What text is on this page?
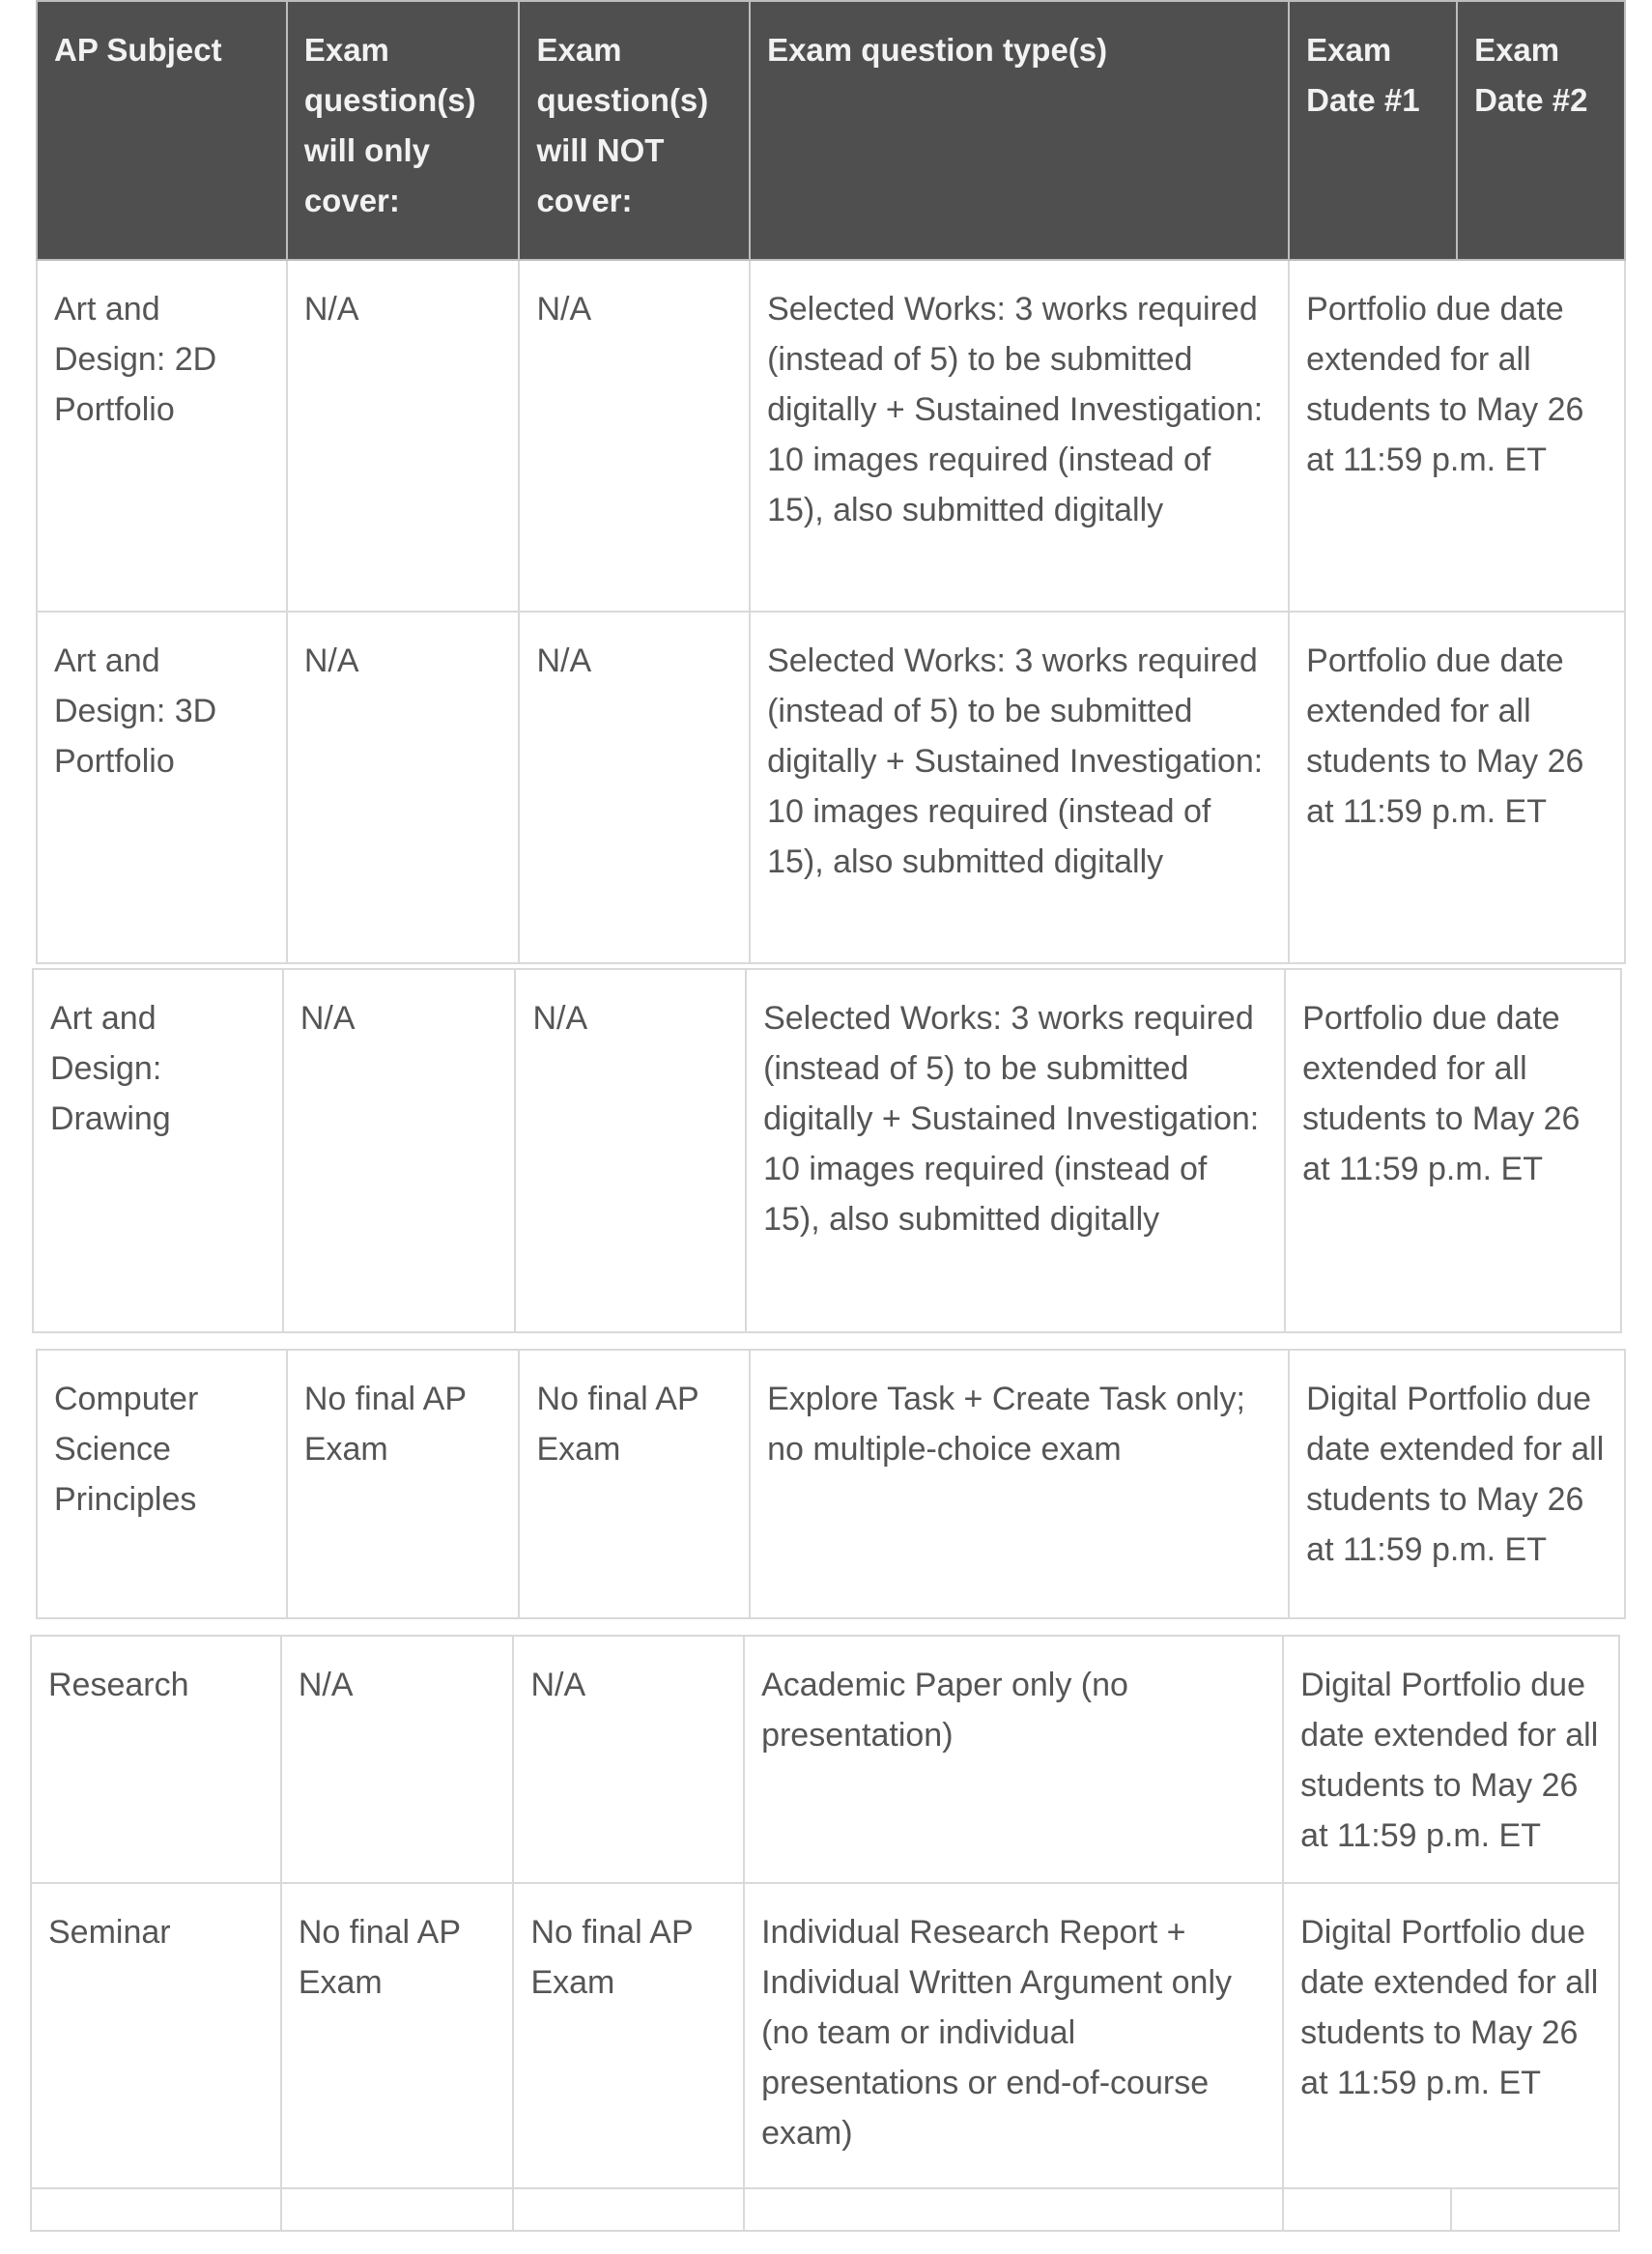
AP Subject	Exam question(s) will only cover:	Exam question(s) will NOT cover:	Exam question type(s)	Exam Date #1	Exam Date #2
Art and Design: 2D Portfolio	N/A	N/A	Selected Works: 3 works required (instead of 5) to be submitted digitally + Sustained Investigation: 10 images required (instead of 15), also submitted digitally	Portfolio due date extended for all students to May 26 at 11:59 p.m. ET	
Art and Design: 3D Portfolio	N/A	N/A	Selected Works: 3 works required (instead of 5) to be submitted digitally + Sustained Investigation: 10 images required (instead of 15), also submitted digitally	Portfolio due date extended for all students to May 26 at 11:59 p.m. ET	
Art and Design: Drawing	N/A	N/A	Selected Works: 3 works required (instead of 5) to be submitted digitally + Sustained Investigation: 10 images required (instead of 15), also submitted digitally	Portfolio due date extended for all students to May 26 at 11:59 p.m. ET
Computer Science Principles	No final AP Exam	No final AP Exam	Explore Task + Create Task only; no multiple-choice exam	Digital Portfolio due date extended for all students to May 26 at 11:59 p.m. ET
Research	N/A	N/A	Academic Paper only (no presentation)	Digital Portfolio due date extended for all students to May 26 at 11:59 p.m. ET	
Seminar	No final AP Exam	No final AP Exam	Individual Research Report + Individual Written Argument only (no team or individual presentations or end-of-course exam)	Digital Portfolio due date extended for all students to May 26 at 11:59 p.m. ET	
